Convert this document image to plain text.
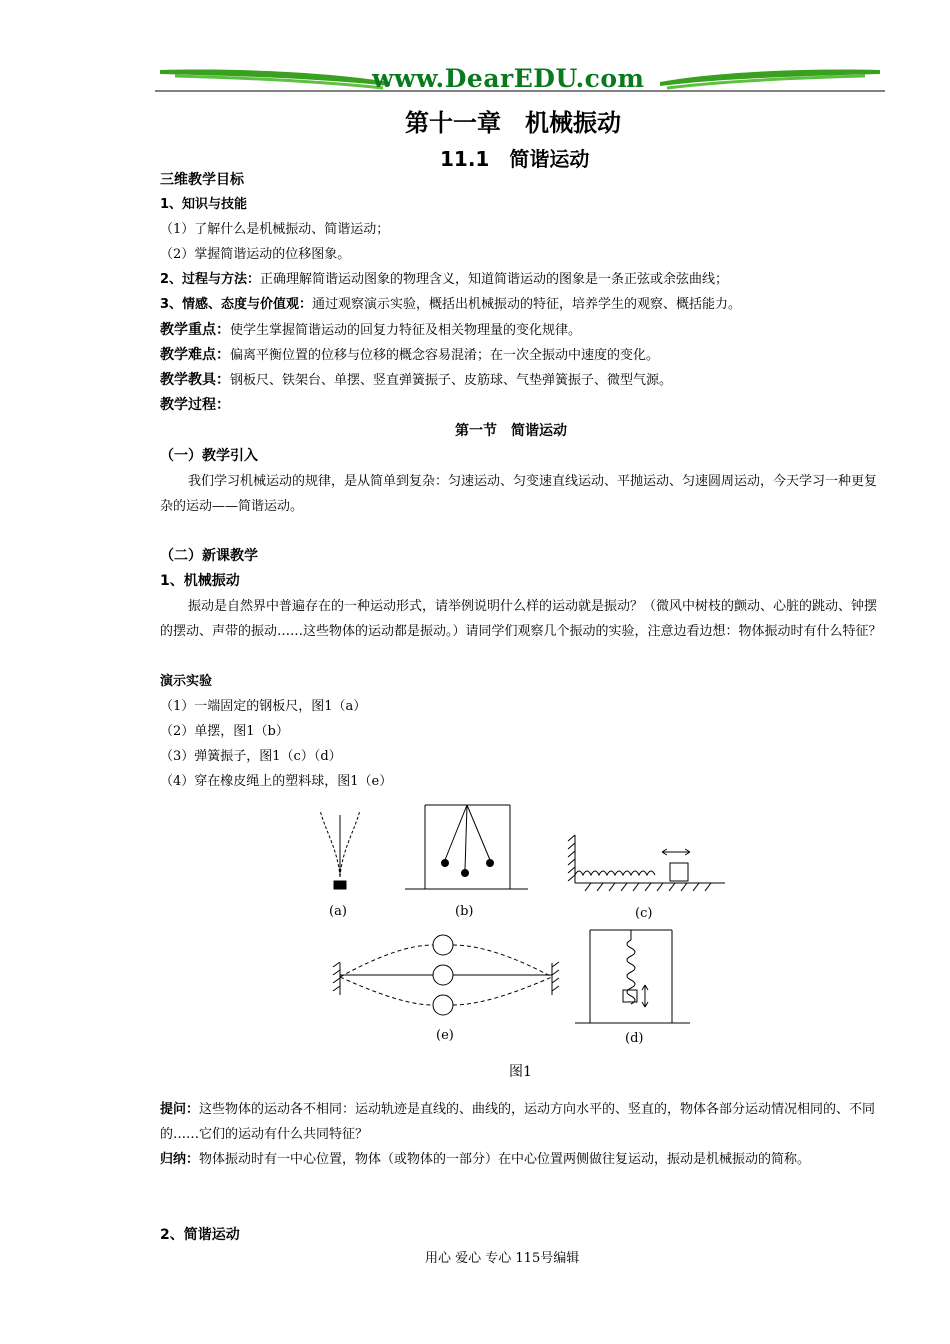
www.DearEDU.com
第十一章　机械振动
11.1　简谐运动
三维教学目标
1、知识与技能
（1）了解什么是机械振动、简谐运动；
（2）掌握简谐运动的位移图象。
2、过程与方法：正确理解简谐运动图象的物理含义，知道简谐运动的图象是一条正弦或余弦曲线；
3、情感、态度与价值观：通过观察演示实验，概括出机械振动的特征，培养学生的观察、概括能力。
教学重点：使学生掌握简谐运动的回复力特征及相关物理量的变化规律。
教学难点：偏离平衡位置的位移与位移的概念容易混淆；在一次全振动中速度的变化。
教学教具：钢板尺、铁架台、单摆、竖直弹簧振子、皮筋球、气垫弹簧振子、微型气源。
教学过程：
第一节　简谐运动
（一）教学引入
我们学习机械运动的规律，是从简单到复杂：匀速运动、匀变速直线运动、平抛运动、匀速圆周运动，今天学习一种更复杂的运动——简谐运动。
（二）新课教学
1、机械振动
振动是自然界中普遍存在的一种运动形式，请举例说明什么样的运动就是振动？（微风中树枝的颤动、心脏的跳动、钟摆的摆动、声带的振动……这些物体的运动都是振动。）请同学们观察几个振动的实验，注意边看边想：物体振动时有什么特征？
演示实验
（1）一端固定的钢板尺，图1（a）
（2）单摆，图1（b）
（3）弹簧振子，图1（c）（d）
（4）穿在橡皮绳上的塑料球，图1（e）
(a)	(b)	(c)
(e)	(d)
图1
提问：这些物体的运动各不相同：运动轨迹是直线的、曲线的，运动方向水平的、竖直的，物体各部分运动情况相同的、不同的……它们的运动有什么共同特征？
归纳：物体振动时有一中心位置，物体（或物体的一部分）在中心位置两侧做往复运动，振动是机械振动的简称。
2、简谐运动
用心 爱心 专心 115号编辑
